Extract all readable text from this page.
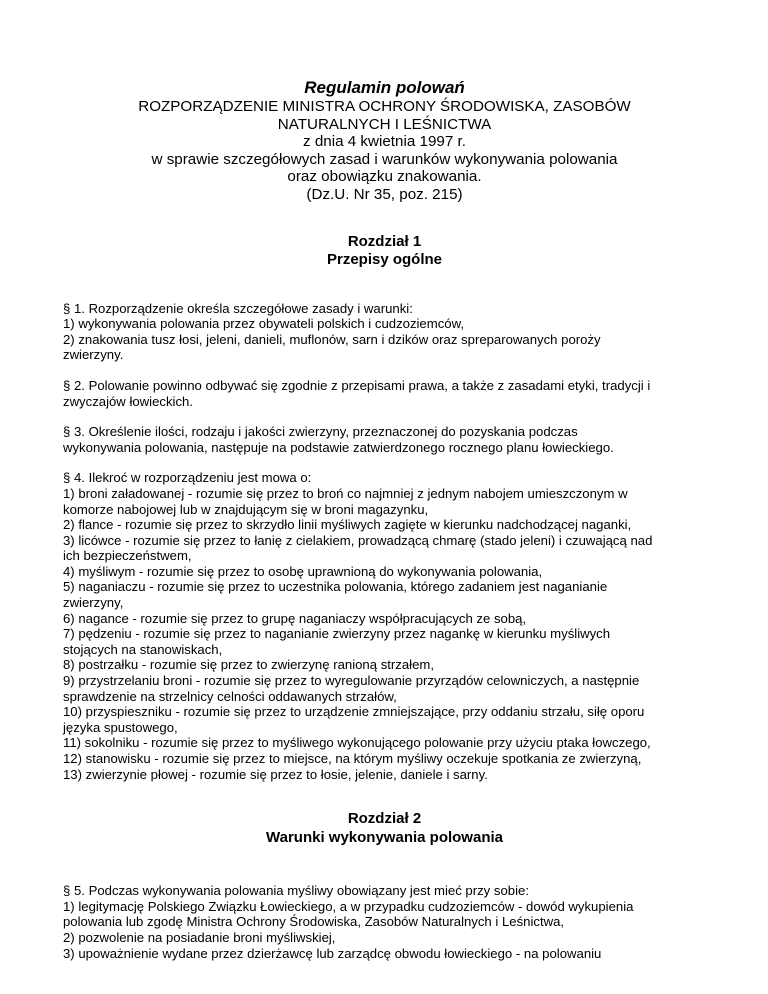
Regulamin polowań

ROZPORZĄDZENIE MINISTRA OCHRONY ŚRODOWISKA, ZASOBÓW

NATURALNYCH I LEŚNICTWA

z dnia 4 kwietnia 1997 r.

w sprawie szczegółowych zasad i warunków wykonywania polowania

oraz obowiązku znakowania.

(Dz.U. Nr 35, poz. 215)

Rozdział 1
Przepisy ogólne
§ 1. Rozporządzenie określa szczegółowe zasady i warunki:
1) wykonywania polowania przez obywateli polskich i cudzoziemców,
2) znakowania tusz łosi, jeleni, danieli, muflonów, sarn i dzików oraz spreparowanych poroży
zwierzyny.
§ 2. Polowanie powinno odbywać się zgodnie z przepisami prawa, a także z zasadami etyki, tradycji i
zwyczajów łowieckich.
§ 3. Określenie ilości, rodzaju i jakości zwierzyny, przeznaczonej do pozyskania podczas
wykonywania polowania, następuje na podstawie zatwierdzonego rocznego planu łowieckiego.
§ 4. Ilekroć w rozporządzeniu jest mowa o:
1) broni załadowanej - rozumie się przez to broń co najmniej z jednym nabojem umieszczonym w
komorze nabojowej lub w znajdującym się w broni magazynku,
2) flance - rozumie się przez to skrzydło linii myśliwych zagięte w kierunku nadchodzącej naganki,
3) licówce - rozumie się przez to łanię z cielakiem, prowadzącą chmarę (stado jeleni) i czuwającą nad
ich bezpieczeństwem,
4) myśliwym - rozumie się przez to osobę uprawnioną do wykonywania polowania,
5) naganiaczu - rozumie się przez to uczestnika polowania, którego zadaniem jest naganianie
zwierzyny,
6) nagance - rozumie się przez to grupę naganiaczy współpracujących ze sobą,
7) pędzeniu - rozumie się przez to naganianie zwierzyny przez nagankę w kierunku myśliwych
stojących na stanowiskach,
8) postrzałku - rozumie się przez to zwierzynę ranioną strzałem,
9) przystrzelaniu broni - rozumie się przez to wyregulowanie przyrządów celowniczych, a następnie
sprawdzenie na strzelnicy celności oddawanych strzałów,
10) przyspieszniku - rozumie się przez to urządzenie zmniejszające, przy oddaniu strzału, siłę oporu
języka spustowego,
11) sokolniku - rozumie się przez to myśliwego wykonującego polowanie przy użyciu ptaka łowczego,
12) stanowisku - rozumie się przez to miejsce, na którym myśliwy oczekuje spotkania ze zwierzyną,
13) zwierzynie płowej - rozumie się przez to łosie, jelenie, daniele i sarny.
Rozdział 2
Warunki wykonywania polowania
§ 5. Podczas wykonywania polowania myśliwy obowiązany jest mieć przy sobie:
1) legitymację Polskiego Związku Łowieckiego, a w przypadku cudzoziemców - dowód wykupienia
polowania lub zgodę Ministra Ochrony Środowiska, Zasobów Naturalnych i Leśnictwa,
2) pozwolenie na posiadanie broni myśliwskiej,
3) upoważnienie wydane przez dzierżawcę lub zarządcę obwodu łowieckiego - na polowaniu
